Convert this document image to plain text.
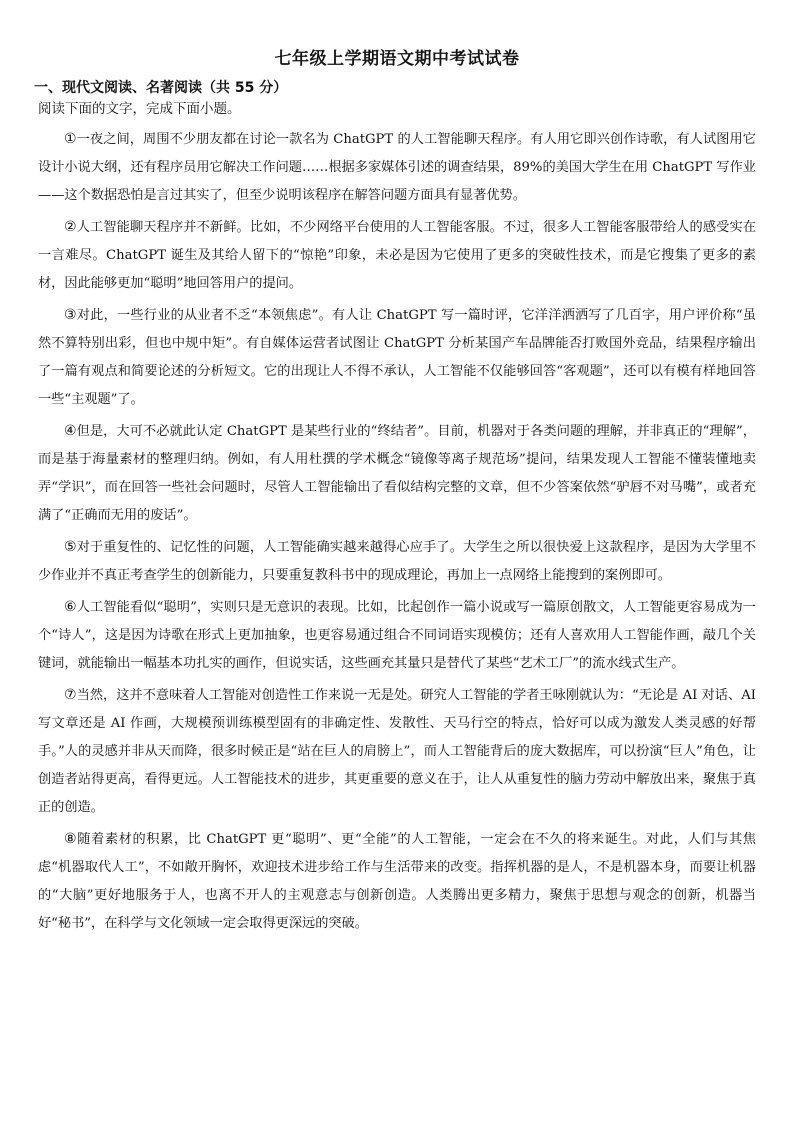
七年级上学期语文期中考试试卷
一、现代文阅读、名著阅读（共 55 分）
阅读下面的文字，完成下面小题。

①一夜之间，周围不少朋友都在讨论一款名为 ChatGPT 的人工智能聊天程序。有人用它即兴创作诗歌，有人试图用它设计小说大纲，还有程序员用它解决工作问题……根据多家媒体引述的调查结果，89%的美国大学生在用 ChatGPT 写作业——这个数据恐怕是言过其实了，但至少说明该程序在解答问题方面具有显著优势。

②人工智能聊天程序并不新鲜。比如，不少网络平台使用的人工智能客服。不过，很多人工智能客服带给人的感受实在一言难尽。ChatGPT 诞生及其给人留下的“惊艳”印象，未必是因为它使用了更多的突破性技术，而是它搜集了更多的素材，因此能够更加“聪明”地回答用户的提问。

③对此，一些行业的从业者不乏“本领焦虑”。有人让 ChatGPT 写一篇时评，它洋洋洒洒写了几百字，用户评价称“虽然不算特别出彩，但也中规中矩”。有自媒体运营者试图让 ChatGPT 分析某国产车品牌能否打败国外竞品，结果程序输出了一篇有观点和简要论述的分析短文。它的出现让人不得不承认，人工智能不仅能够回答“客观题”，还可以有模有样地回答一些“主观题”了。

④但是，大可不必就此认定 ChatGPT 是某些行业的“终结者”。目前，机器对于各类问题的理解，并非真正的“理解”，而是基于海量素材的整理归纳。例如，有人用杜撰的学术概念“镜像等离子规范场”提问，结果发现人工智能不懂装懂地卖弄“学识”，而在回答一些社会问题时，尽管人工智能输出了看似结构完整的文章，但不少答案依然“驴唇不对马嘴”，或者充满了“正确而无用的废话”。

⑤对于重复性的、记忆性的问题，人工智能确实越来越得心应手了。大学生之所以很快爱上这款程序，是因为大学里不少作业并不真正考查学生的创新能力，只要重复教科书中的现成理论，再加上一点网络上能搜到的案例即可。

⑥人工智能看似“聪明”，实则只是无意识的表现。比如，比起创作一篇小说或写一篇原创散文，人工智能更容易成为一个“诗人”，这是因为诗歌在形式上更加抽象，也更容易通过组合不同词语实现模仿；还有人喜欢用人工智能作画，敲几个关键词，就能输出一幅基本功扎实的画作，但说实话，这些画充其量只是替代了某些“艺术工厂”的流水线式生产。

⑦当然，这并不意味着人工智能对创造性工作来说一无是处。研究人工智能的学者王咏刚就认为：“无论是 AI 对话、AI 写文章还是 AI 作画，大规模预训练模型固有的非确定性、发散性、天马行空的特点，恰好可以成为激发人类灵感的好帮手。”人的灵感并非从天而降，很多时候正是“站在巨人的肩膀上”，而人工智能背后的庞大数据库，可以扮演“巨人”角色，让创造者站得更高，看得更远。人工智能技术的进步，其更重要的意义在于，让人从重复性的脑力劳动中解放出来，聚焦于真正的创造。

⑧随着素材的积累，比 ChatGPT 更“聪明”、更“全能”的人工智能，一定会在不久的将来诞生。对此，人们与其焦虑“机器取代人工”，不如敞开胸怀，欢迎技术进步给工作与生活带来的改变。指挥机器的是人，不是机器本身，而要让机器的“大脑”更好地服务于人，也离不开人的主观意志与创新创造。人类腾出更多精力，聚焦于思想与观念的创新，机器当好“秘书”，在科学与文化领域一定会取得更深远的突破。
